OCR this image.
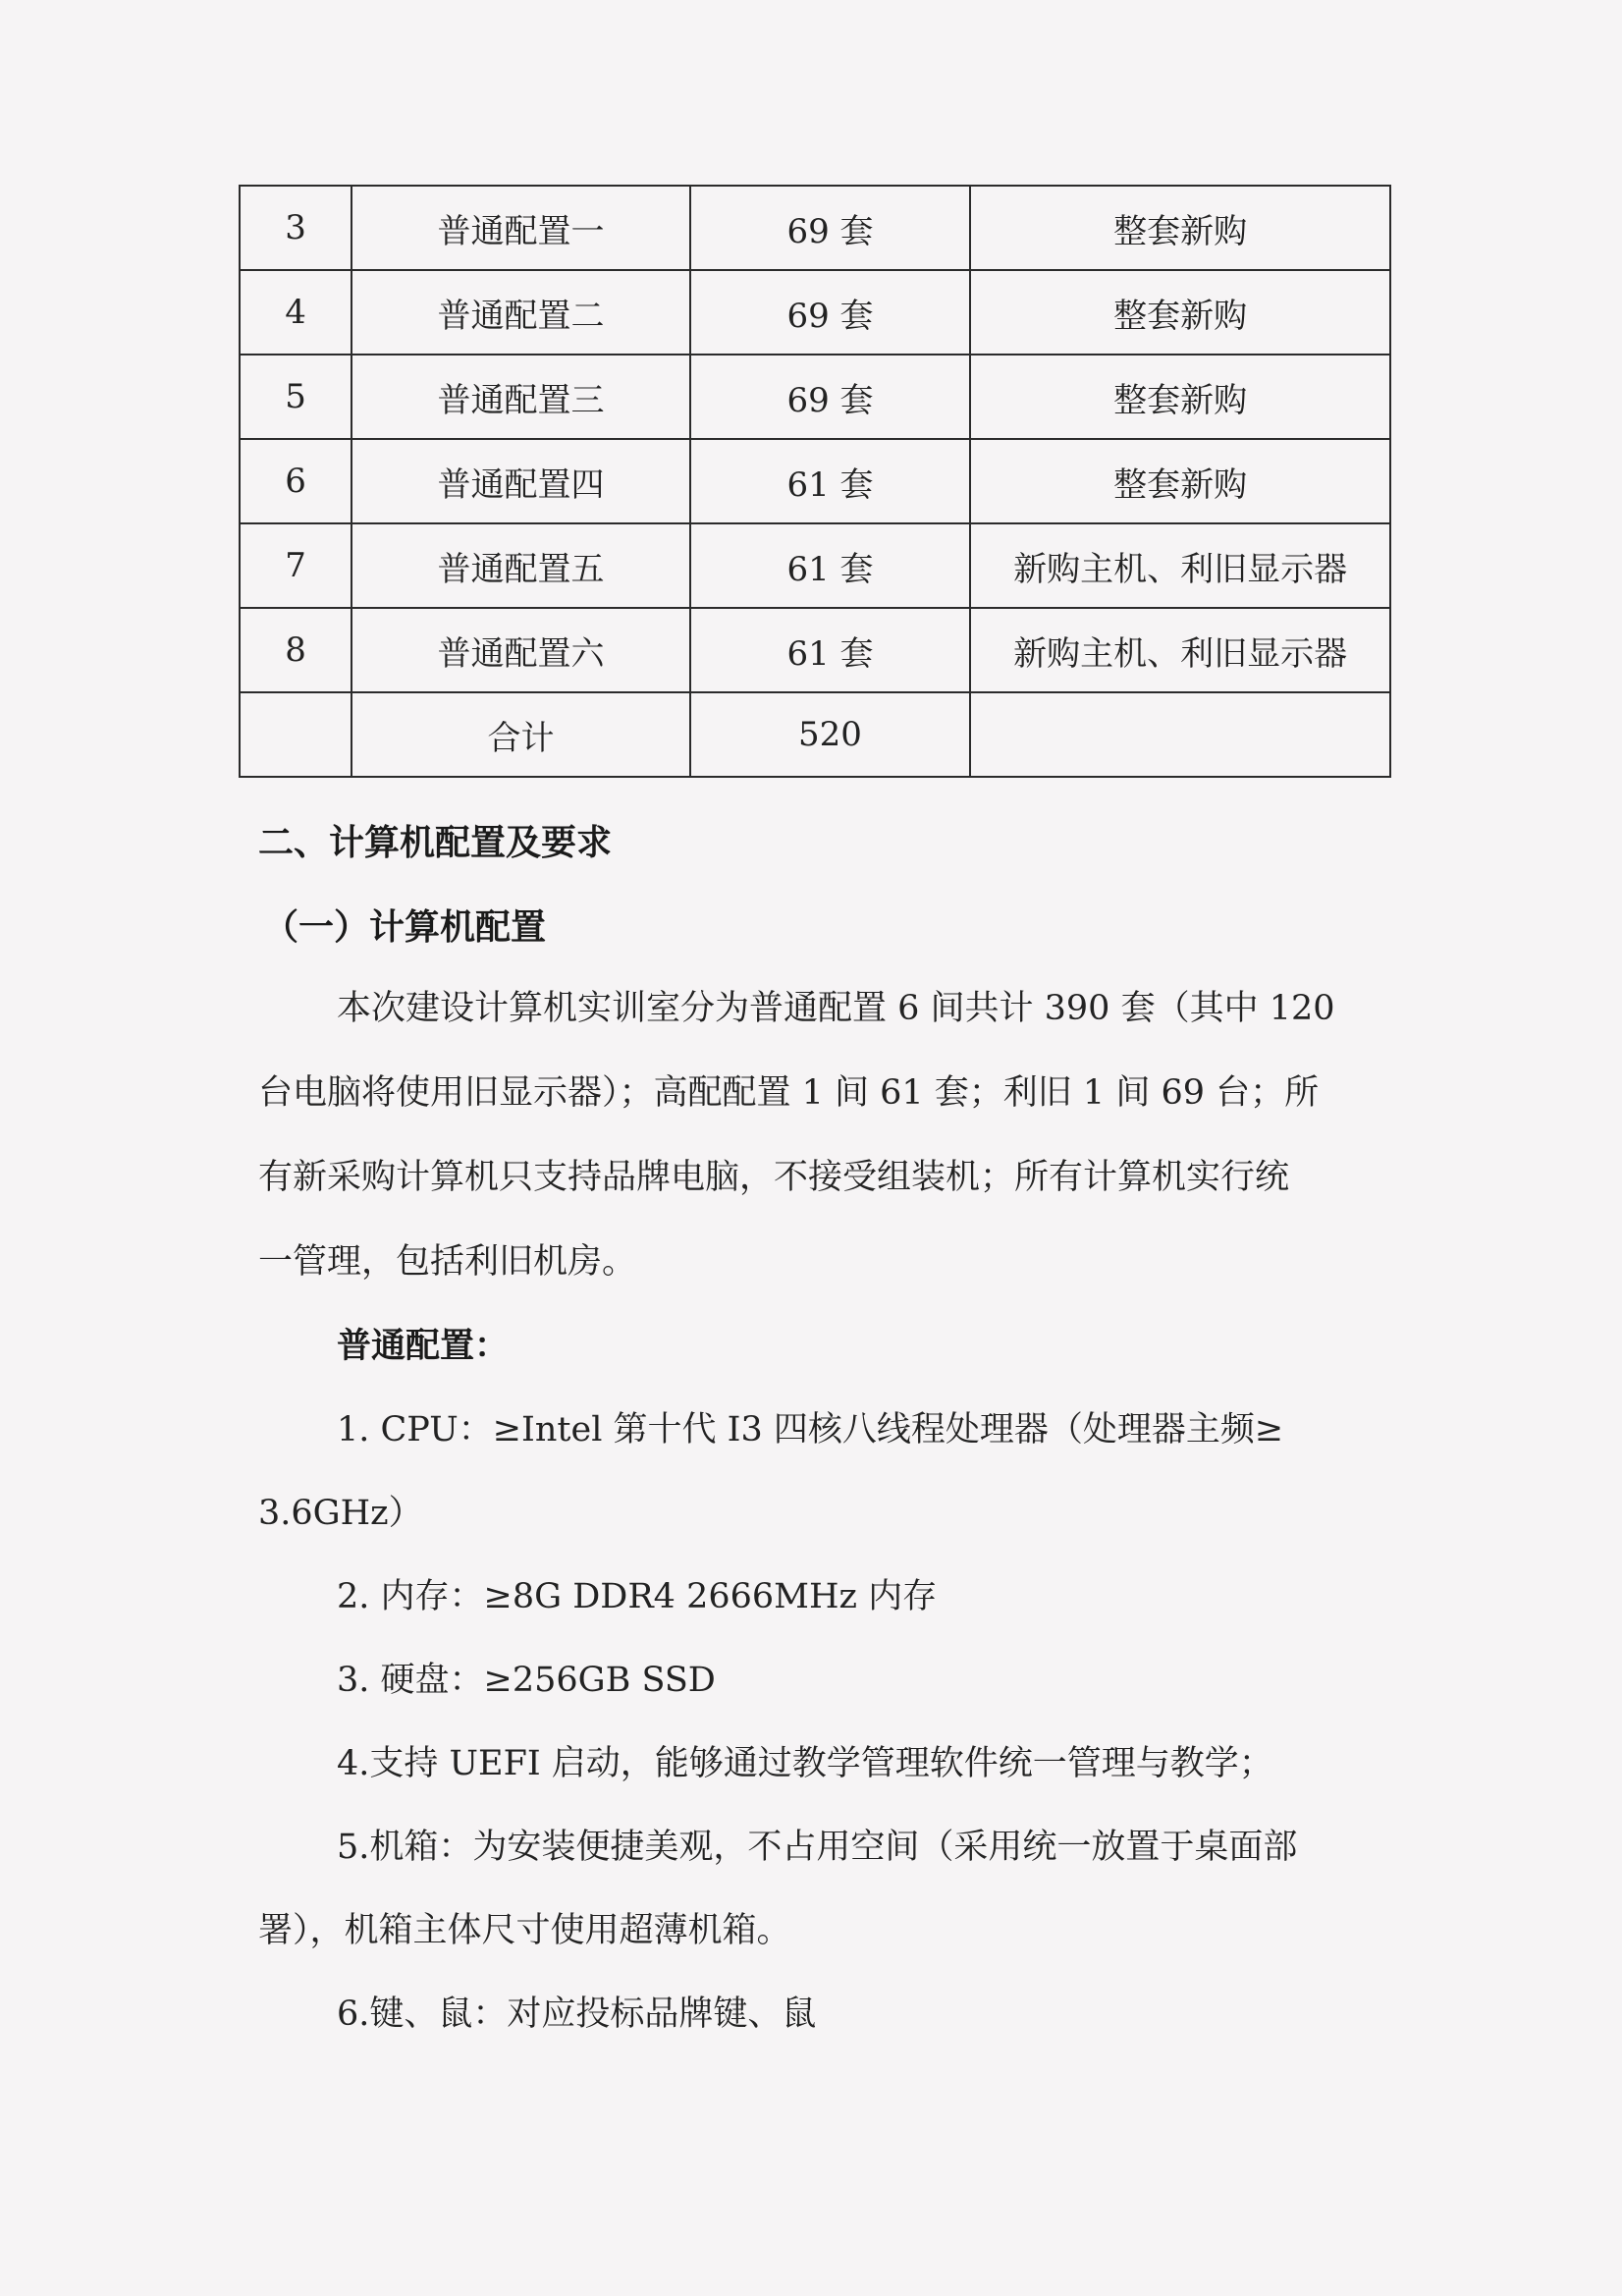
3	普通配置一	69 套	整套新购
4	普通配置二	69 套	整套新购
5	普通配置三	69 套	整套新购
6	普通配置四	61 套	整套新购
7	普通配置五	61 套	新购主机、利旧显示器
8	普通配置六	61 套	新购主机、利旧显示器
	合计	520	
二、计算机配置及要求
（一）计算机配置
本次建设计算机实训室分为普通配置 6 间共计 390 套（其中 120
台电脑将使用旧显示器）；高配配置 1 间 61 套；利旧 1 间 69 台；所
有新采购计算机只支持品牌电脑，不接受组装机；所有计算机实行统
一管理，包括利旧机房。
普通配置：
1. CPU：≥Intel 第十代 I3 四核八线程处理器（处理器主频≥
3.6GHz）
2. 内存：≥8G DDR4 2666MHz 内存
3. 硬盘：≥256GB SSD
4.支持 UEFI 启动，能够通过教学管理软件统一管理与教学；
5.机箱：为安装便捷美观，不占用空间（采用统一放置于桌面部
署），机箱主体尺寸使用超薄机箱。
6.键、鼠：对应投标品牌键、鼠
